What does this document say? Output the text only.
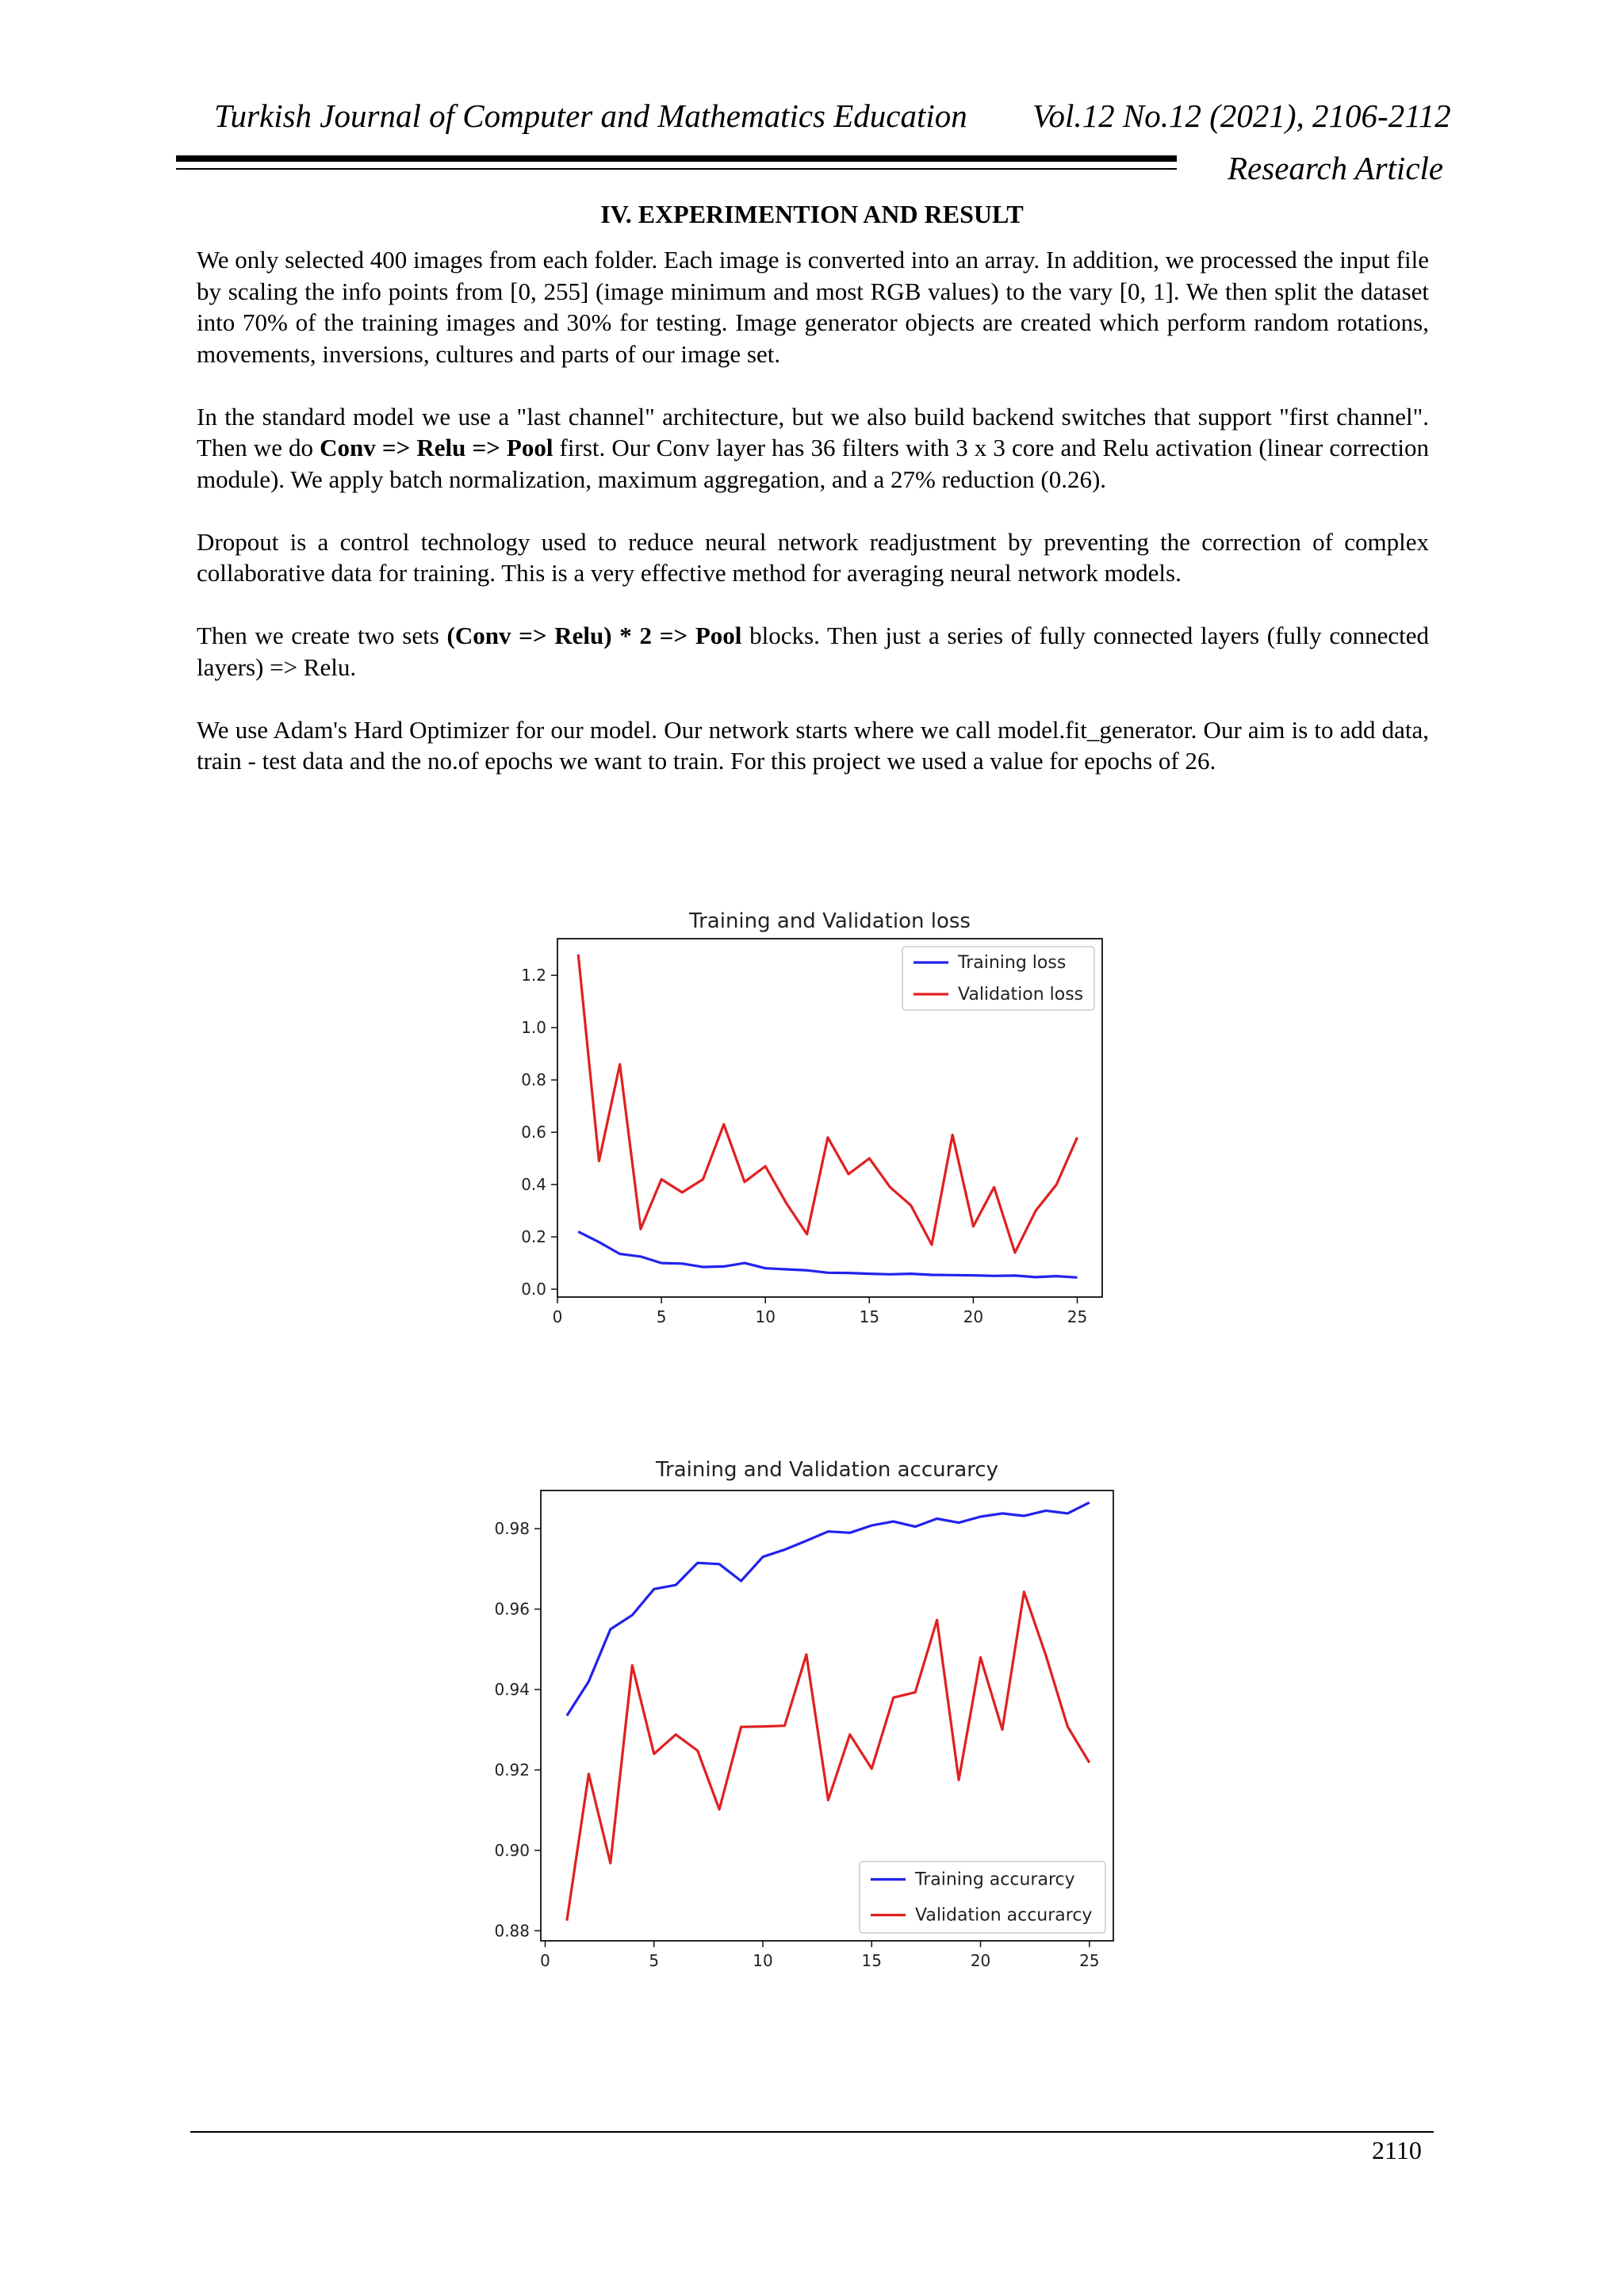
Turkish Journal of Computer and Mathematics Education Vol.12 No.12 (2021), 2106-2112
Research Article
IV. EXPERIMENTION AND RESULT

We only selected 400 images from each folder. Each image is converted into an array. In addition, we processed the input file by scaling the info points from [0, 255] (image minimum and most RGB values) to the vary [0, 1]. We then split the dataset into 70% of the training images and 30% for testing. Image generator objects are created which perform random rotations, movements, inversions, cultures and parts of our image set.

In the standard model we use a "last channel" architecture, but we also build backend switches that support "first channel". Then we do Conv => Relu => Pool first. Our Conv layer has 36 filters with 3 x 3 core and Relu activation (linear correction module). We apply batch normalization, maximum aggregation, and a 27% reduction (0.26).

Dropout is a control technology used to reduce neural network readjustment by preventing the correction of complex collaborative data for training. This is a very effective method for averaging neural network models.

Then we create two sets (Conv => Relu) * 2 => Pool blocks. Then just a series of fully connected layers (fully connected layers) => Relu.

We use Adam's Hard Optimizer for our model. Our network starts where we call model.fit_generator. Our aim is to add data, train - test data and the no.of epochs we want to train. For this project we used a value for epochs of 26.

Training and Validation loss
0	5	10	15	20	25
0.0
0.2
0.4
0.6
0.8
1.0
1.2
Training loss
Validation loss
Training and Validation accurarcy
0	5	10	15	20	25
0.88
0.90
0.92
0.94
0.96
0.98
Training accurarcy
Validation accurarcy
2110
